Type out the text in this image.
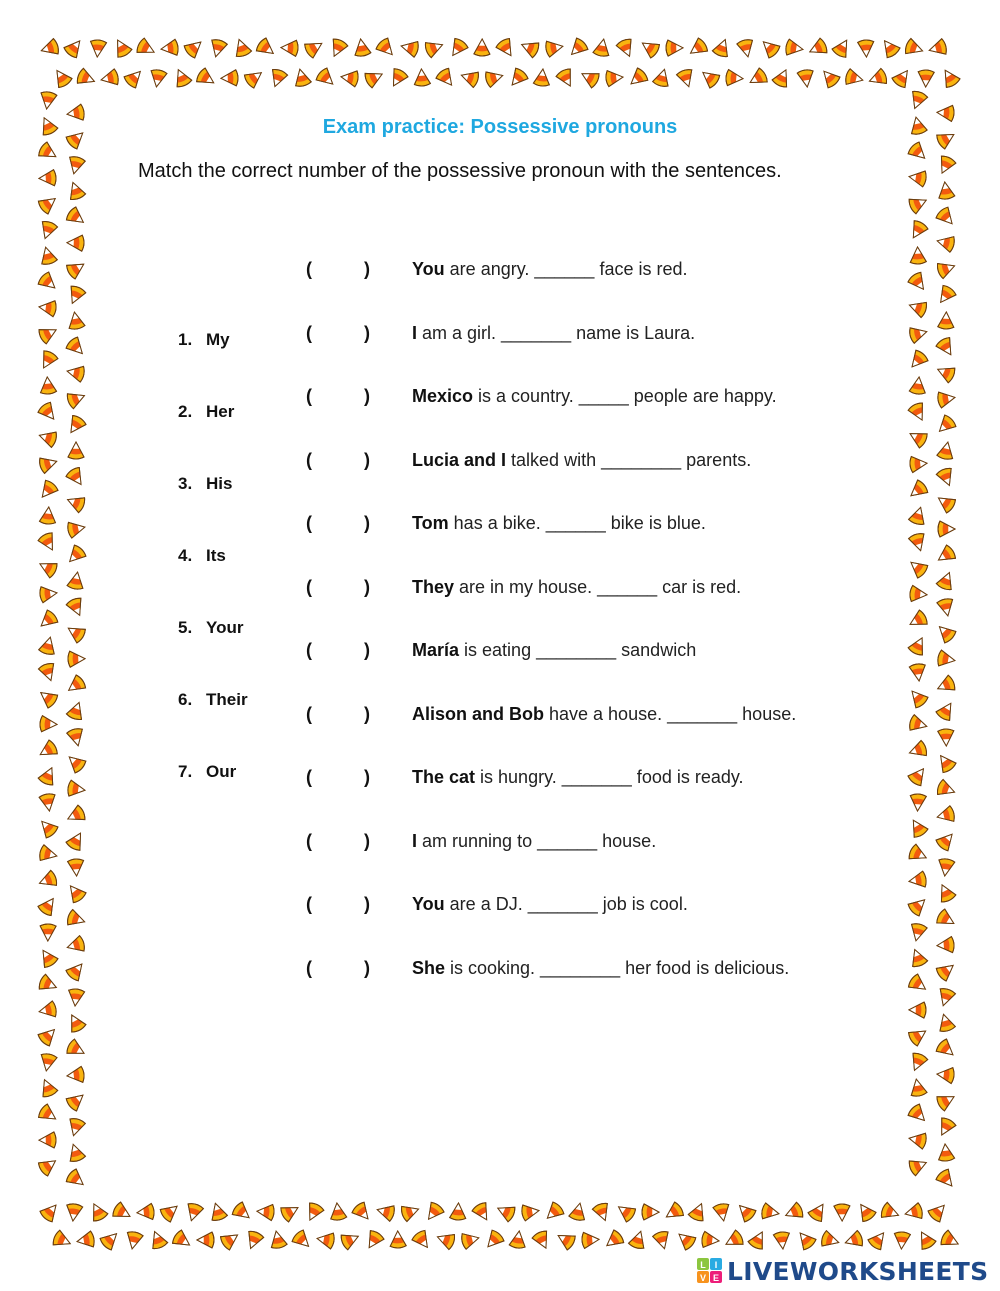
Exam practice: Possessive pronouns
Match the correct number of the possessive pronoun with the sentences.
1. My
2. Her
3. His
4. Its
5. Your
6. Their
7. Our
(	) You are angry. ______ face is red.
(	) I am a girl. _______ name is Laura.
(	) Mexico is a country. _____ people are happy.
(	) Lucia and I talked with ________ parents.
(	) Tom has a bike. ______ bike is blue.
(	) They are in my house. ______ car is red.
(	) María is eating ________ sandwich
(	) Alison and Bob have a house. _______ house.
(	) The cat is hungry. _______ food is ready.
(	) I am running to ______ house.
(	) You are a DJ. _______ job is cool.
(	) She is cooking. ________ her food is delicious.
L I
V E LIVEWORKSHEETS
